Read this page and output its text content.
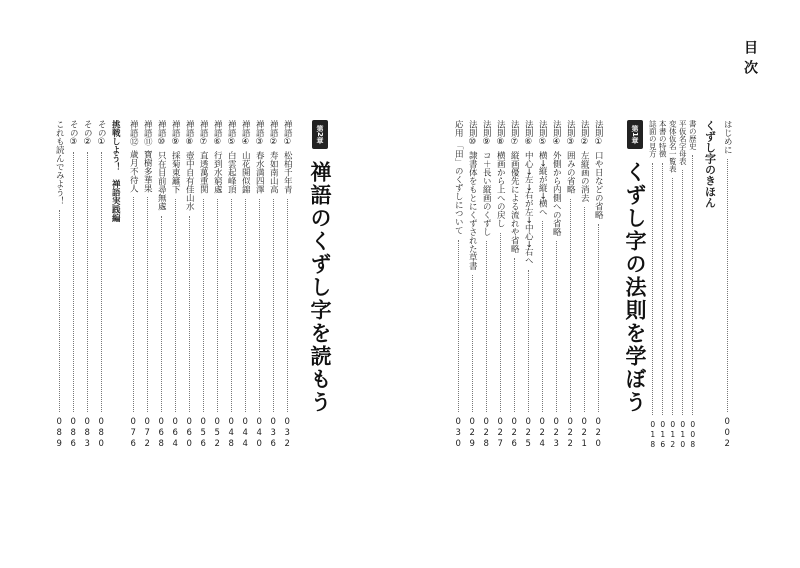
目次
はじめに
002
くずし字のきほん
書の歴史
008
平仮名字母表
010
変体仮名一覧表
012
本書の特徴
016
誌面の見方
018
第1章
くずし字の法則を学ぼう
法則①
口や日などの省略
020
法則②
左縦画の消去
021
法則③
囲みの省略
022
法則④
外側から内側への省略
023
法則⑤
横→縦が縦→横へ
024
法則⑥
中心→左→右が左→中心→右へ
025
法則⑦
縦画優先による流れや省略
026
法則⑧
横画から上への戻し
027
法則⑨
コ＋長い縦画のくずし
028
法則⑩
隷書体をもとにくずされた草書
029
応用
「田」のくずしについて
030
第2章
禅語のくずし字を読もう
禅語①
松柏千年青
032
禅語②
寿如南山高
036
禅語③
春水満四澤
040
禅語④
山花開似錦
044
禅語⑤
白雲起峰頂
048
禅語⑥
行到水窮處
052
禅語⑦
直透萬重関
056
禅語⑧
壺中自有佳山水
060
禅語⑨
採菊東籬下
064
禅語⑩
只在目前尋無處
068
禅語⑪
寶樹多華果
072
禅語⑫
歳月不待人
076
挑戦しよう！　禅語実践編
その①
080
その②
083
その③
086
これも読んでみよう！
089
